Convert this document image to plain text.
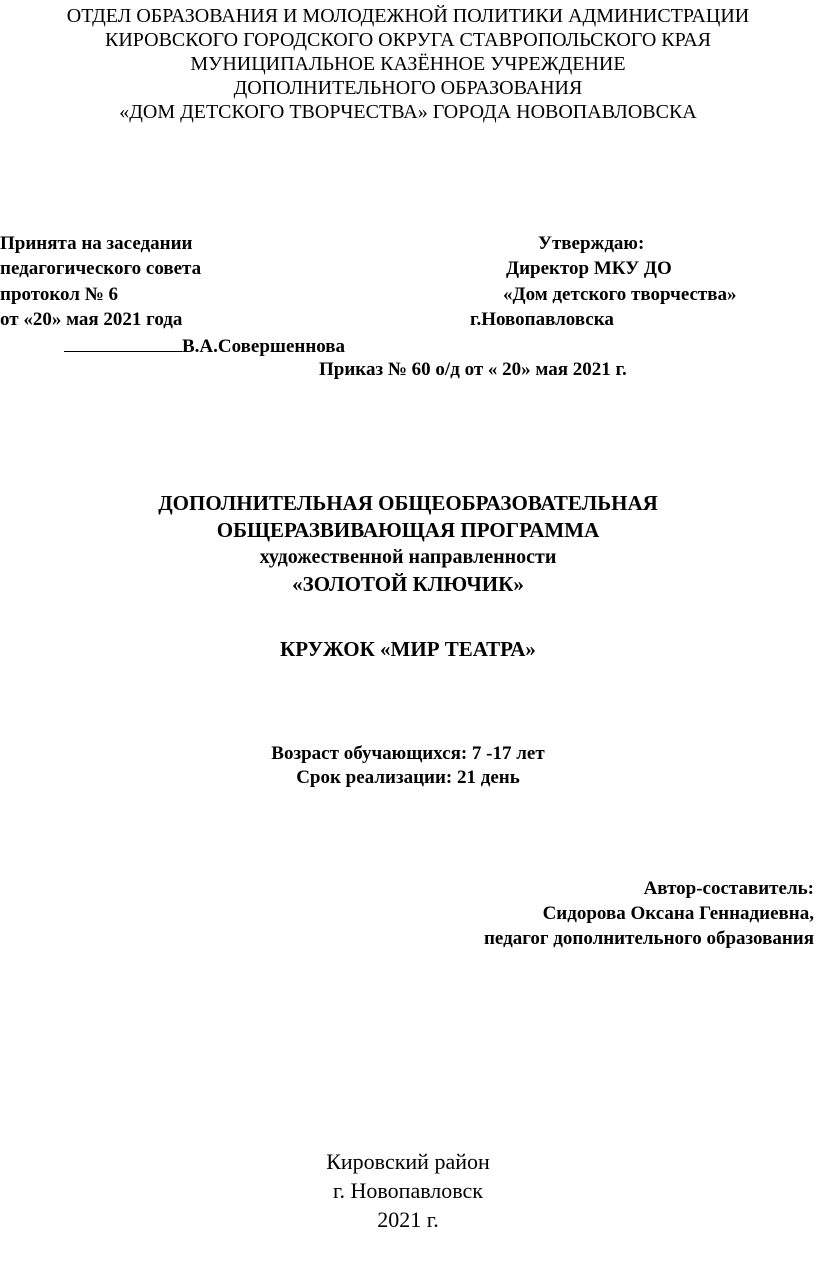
ОТДЕЛ ОБРАЗОВАНИЯ И МОЛОДЕЖНОЙ ПОЛИТИКИ АДМИНИСТРАЦИИ
КИРОВСКОГО ГОРОДСКОГО ОКРУГА СТАВРОПОЛЬСКОГО КРАЯ
МУНИЦИПАЛЬНОЕ КАЗЁННОЕ УЧРЕЖДЕНИЕ
ДОПОЛНИТЕЛЬНОГО ОБРАЗОВАНИЯ
«ДОМ ДЕТСКОГО ТВОРЧЕСТВА» ГОРОДА НОВОПАВЛОВСКА
Принята на заседании
педагогического совета
протокол № 6
от «20» мая 2021 года
Утверждаю:
Директор МКУ ДО
«Дом детского творчества»
г.Новопавловска
В.А.Совершеннова
Приказ № 60 о/д от « 20» мая 2021 г.
ДОПОЛНИТЕЛЬНАЯ ОБЩЕОБРАЗОВАТЕЛЬНАЯ
ОБЩЕРАЗВИВАЮЩАЯ ПРОГРАММА
художественной направленности
«ЗОЛОТОЙ КЛЮЧИК»
КРУЖОК «МИР ТЕАТРА»
Возраст обучающихся: 7 -17 лет
Срок реализации: 21 день
Автор-составитель:
Сидорова Оксана Геннадиевна,
педагог дополнительного образования
Кировский район
г. Новопавловск
2021 г.
